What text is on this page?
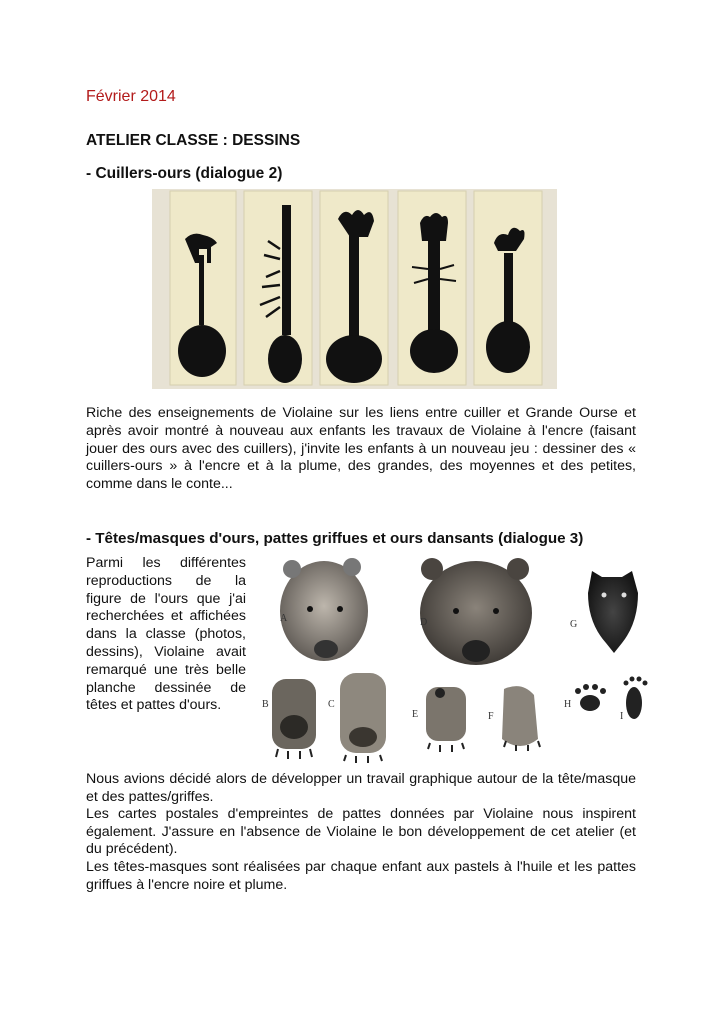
Février 2014
ATELIER CLASSE : DESSINS
- Cuillers-ours (dialogue 2)
Riche des enseignements de Violaine sur les liens entre cuiller et Grande Ourse et après avoir montré à nouveau aux enfants les travaux de Violaine à l'encre (faisant jouer des ours avec des cuillers), j'invite les enfants à un nouveau jeu : dessiner des « cuillers-ours » à l'encre et à la plume, des grandes, des moyennes et des petites, comme dans le conte...
- Têtes/masques d'ours, pattes griffues et ours dansants (dialogue 3)
Parmi les différentes reproductions de la figure de l'ours que j'ai recherchées et affichées dans la classe (photos, dessins), Violaine avait remarqué une très belle planche dessinée de têtes et pattes d'ours.
A	D	G
B	C
E	F
H
I

Nous avions décidé alors de développer un travail graphique autour de la tête/masque et des pattes/griffes.

Les cartes postales d'empreintes de pattes données par Violaine nous inspirent également. J'assure en l'absence de Violaine le bon développement de cet atelier (et du précédent).

Les têtes-masques sont réalisées par chaque enfant aux pastels à l'huile et les pattes griffues à l'encre noire et plume.
